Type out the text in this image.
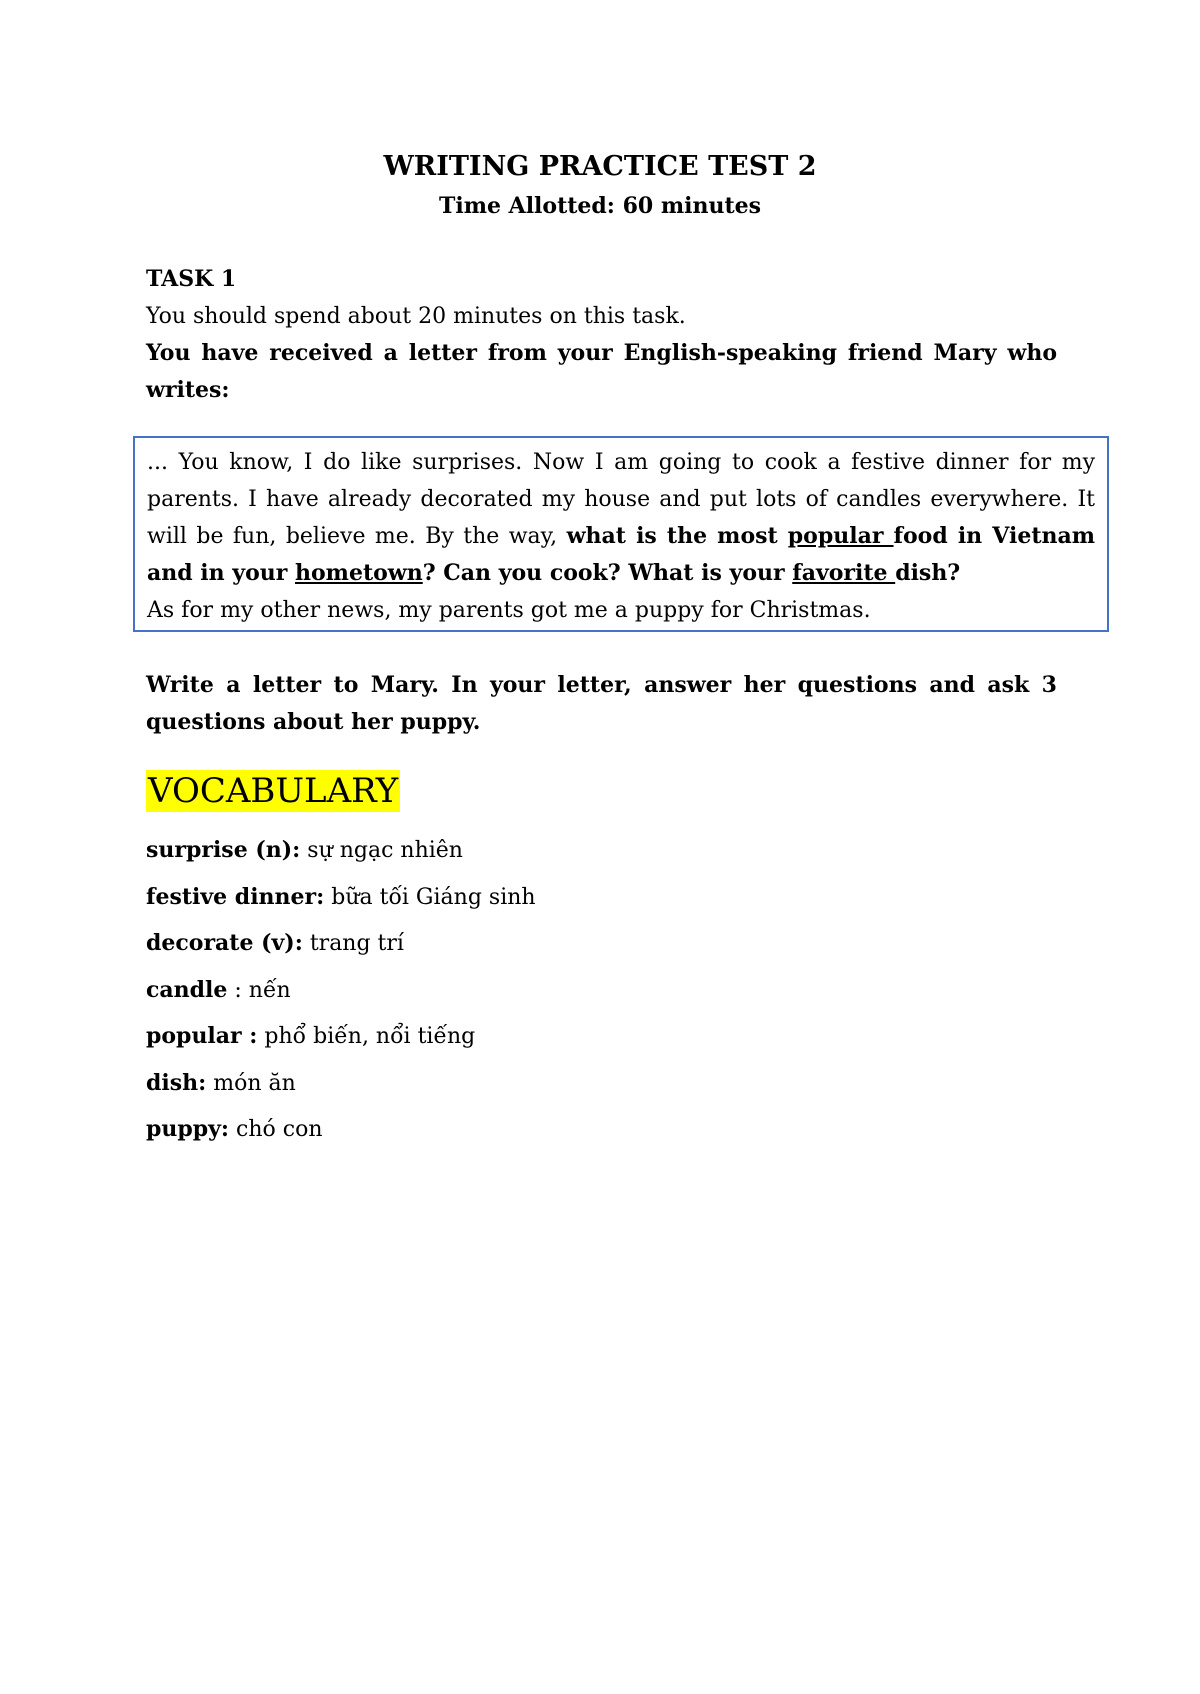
WRITING PRACTICE TEST 2
Time Allotted: 60 minutes
TASK 1
You should spend about 20 minutes on this task.
You have received a letter from your English-speaking friend Mary who writes:

... You know, I do like surprises. Now I am going to cook a festive dinner for my parents. I have already decorated my house and put lots of candles everywhere. It will be fun, believe me. By the way, what is the most popular food in Vietnam and in your hometown? Can you cook? What is your favorite dish?

As for my other news, my parents got me a puppy for Christmas.

Write a letter to Mary. In your letter, answer her questions and ask 3 questions about her puppy.
VOCABULARY
surprise (n): sự ngạc nhiên
festive dinner: bữa tối Giáng sinh
decorate (v): trang trí
candle : nến
popular : phổ biến, nổi tiếng
dish: món ăn
puppy: chó con
